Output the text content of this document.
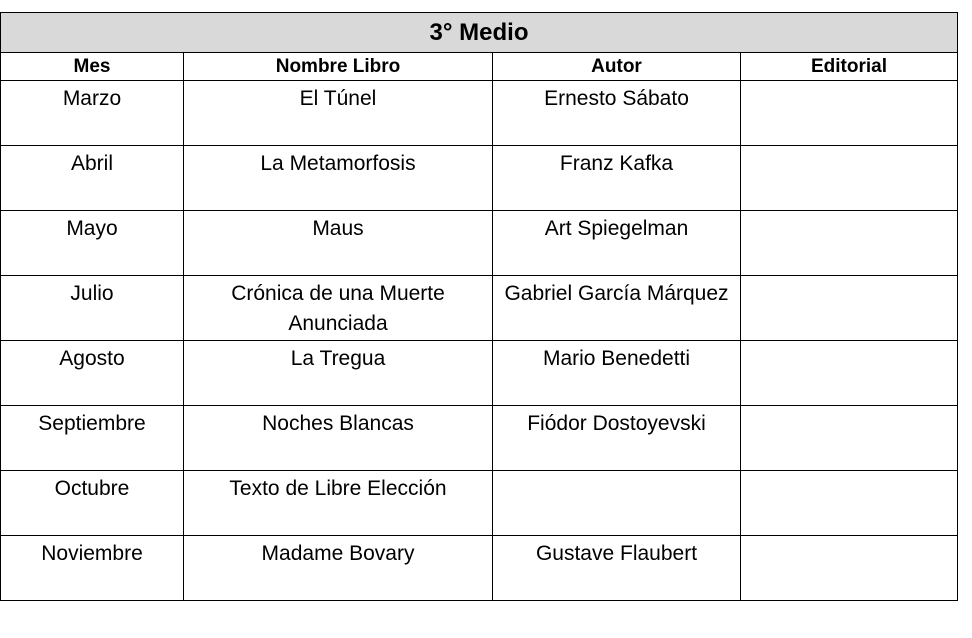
3° Medio			
Mes	Nombre Libro	Autor	Editorial
Marzo	El Túnel	Ernesto Sábato	
Abril	La Metamorfosis	Franz Kafka	
Mayo	Maus	Art Spiegelman	
Julio	Crónica de una Muerte Anunciada	Gabriel García Márquez	
Agosto	La Tregua	Mario Benedetti	
Septiembre	Noches Blancas	Fiódor Dostoyevski	
Octubre	Texto de Libre Elección		
Noviembre	Madame Bovary	Gustave Flaubert	
